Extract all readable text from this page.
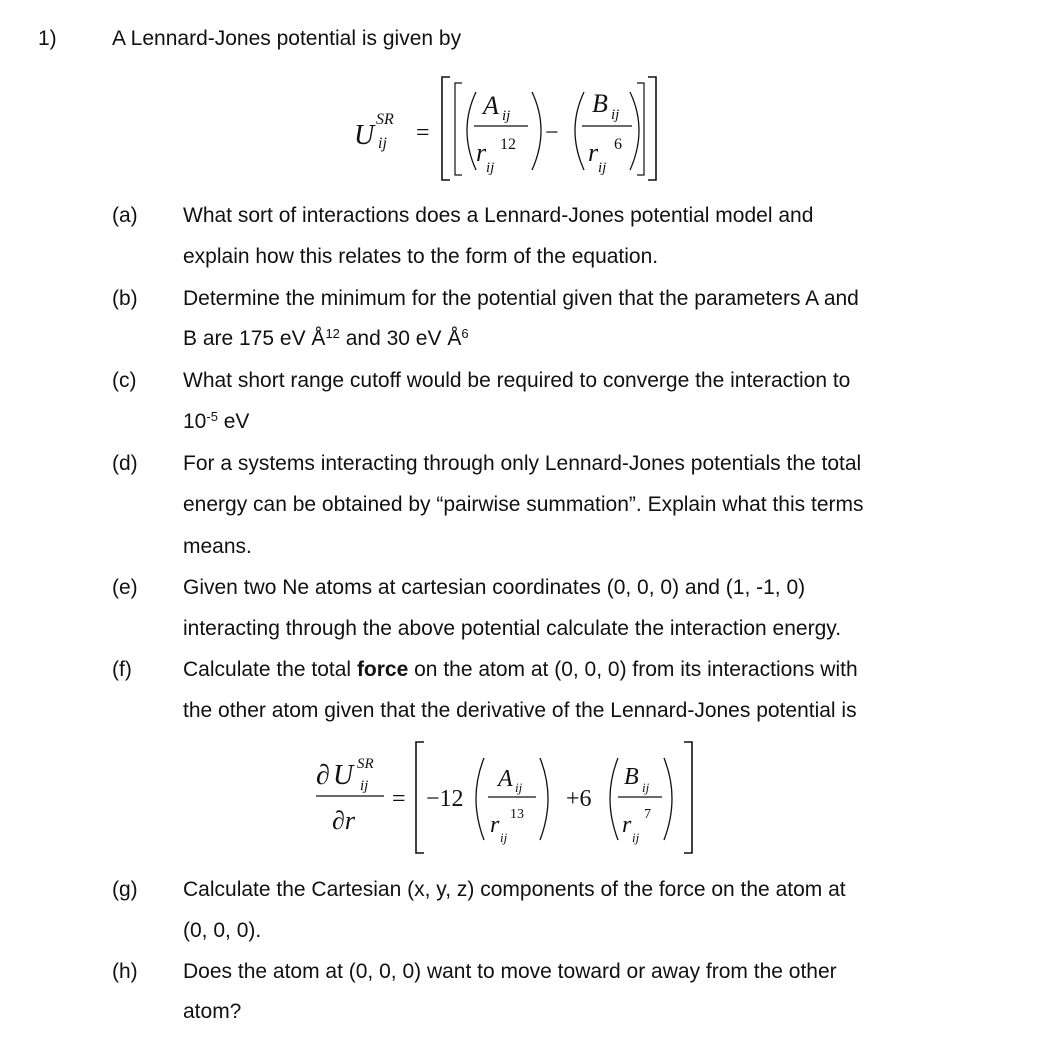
1)	A Lennard-Jones potential is given by
U
SR
ij =
A ij
r
ij
12 −
B ij
r
ij
6
(a) What sort of interactions does a Lennard-Jones potential model and
explain how this relates to the form of the equation.
(b) Determine the minimum for the potential given that the parameters A and
B are 175 eV $Å^{12}$ and 30 eV $Å^6$
(c) What short range cutoff would be required to converge the interaction to
$10^{-5}$ eV
(d) For a systems interacting through only Lennard-Jones potentials the total
energy can be obtained by “pairwise summation”. Explain what this terms
means.
(e) Given two Ne atoms at cartesian coordinates (0, 0, 0) and (1, -1, 0)
interacting through the above potential calculate the interaction energy.
(f) Calculate the total force on the atom at (0, 0, 0) from its interactions with
the other atom given that the derivative of the Lennard-Jones potential is
∂ U SR
ij
∂r
= −12
A ij
r ij
13
+6
B ij
r ij
7
(g) Calculate the Cartesian (x, y, z) components of the force on the atom at
(0, 0, 0).
(h) Does the atom at (0, 0, 0) want to move toward or away from the other
atom?
